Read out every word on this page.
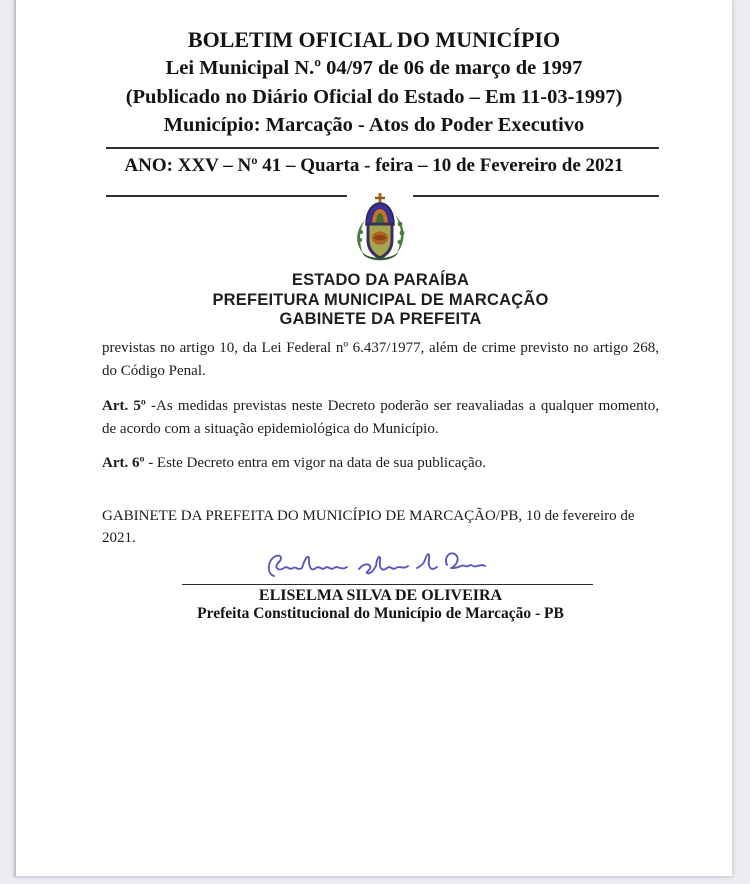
BOLETIM OFICIAL DO MUNICÍPIO
Lei Municipal N.º 04/97 de 06 de março de 1997
(Publicado no Diário Oficial do Estado – Em 11-03-1997)
Município: Marcação - Atos do Poder Executivo
ANO: XXV – Nº 41 – Quarta - feira – 10 de Fevereiro de 2021
ESTADO DA PARAÍBA
PREFEITURA MUNICIPAL DE MARCAÇÃO
GABINETE DA PREFEITA

previstas no artigo 10, da Lei Federal nº 6.437/1977, além de crime previsto no artigo 268, do Código Penal.

Art. 5º -As medidas previstas neste Decreto poderão ser reavaliadas a qualquer momento, de acordo com a situação epidemiológica do Município.

Art. 6º - Este Decreto entra em vigor na data de sua publicação.

GABINETE DA PREFEITA DO MUNICÍPIO DE MARCAÇÃO/PB, 10 de fevereiro de 2021.

ELISELMA SILVA DE OLIVEIRA
Prefeita Constitucional do Município de Marcação - PB
